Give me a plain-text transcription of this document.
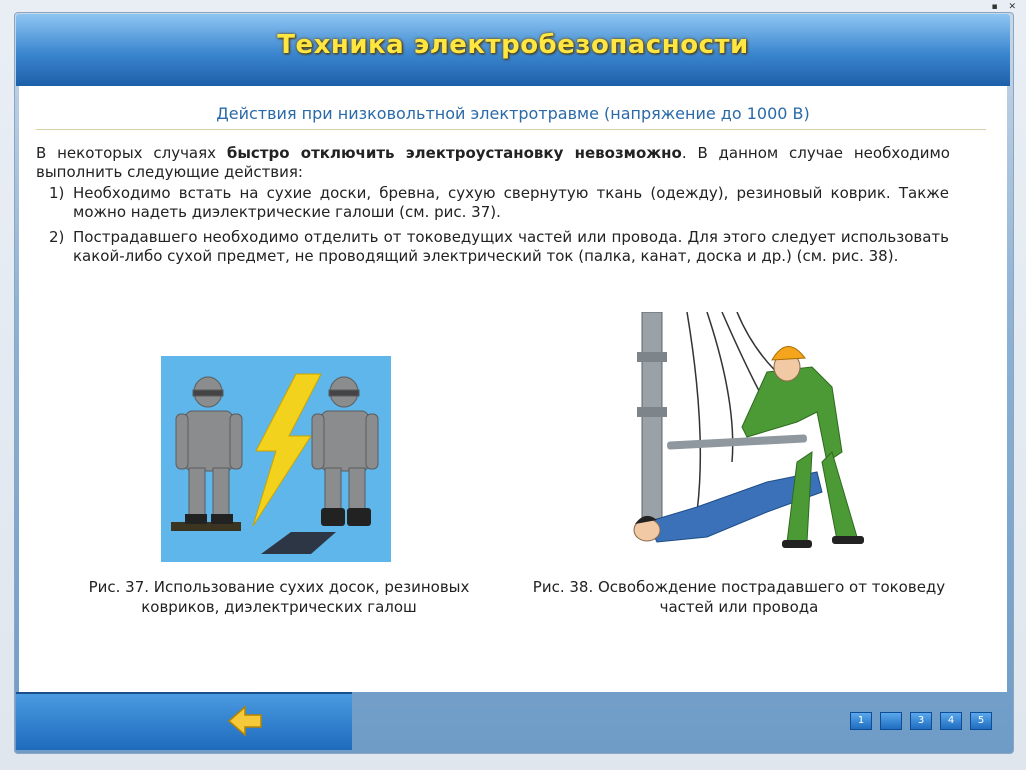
▪ ✕
Техника электробезопасности
Действия при низковольтной электротравме (напряжение до 1000 В)
В некоторых случаях быстро отключить электроустановку невозможно. В данном случае необходимо выполнить следующие действия:
1) Необходимо встать на сухие доски, бревна, сухую свернутую ткань (одежду), резиновый коврик. Также можно надеть диэлектрические галоши (см. рис. 37).
2) Пострадавшего необходимо отделить от токоведущих частей или провода. Для этого следует использовать какой-либо сухой предмет, не проводящий электрический ток (палка, канат, доска и др.) (см. рис. 38).
Рис. 37. Использование сухих досок, резиновых ковриков, диэлектрических галош
Рис. 38. Освобождение пострадавшего от токоведу частей или провода
1	3	4	5
